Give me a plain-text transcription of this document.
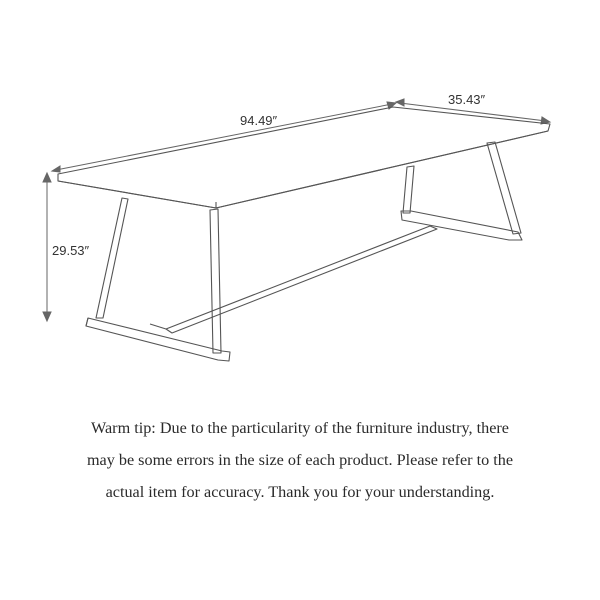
94.49″
35.43″
29.53″
Warm tip: Due to the particularity of the furniture industry, there
may be some errors in the size of each product. Please refer to the
actual item for accuracy. Thank you for your understanding.
